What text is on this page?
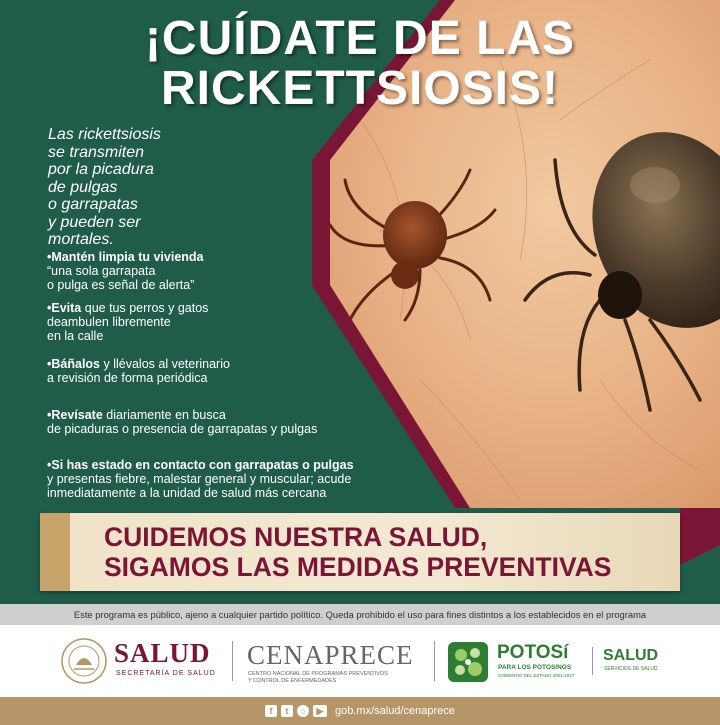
¡CUÍDATE DE LAS
RICKETTSIOSIS!
Las rickettsiosis
se transmiten
por la picadura
de pulgas
o garrapatas
y pueden ser
mortales.
•Mantén limpia tu vivienda
“una sola garrapata
o pulga es señal de alerta”
•Evita que tus perros y gatos
deambulen libremente
en la calle
•Báñalos y llévalos al veterinario
a revisión de forma periódica
•Revísate diariamente en busca
de picaduras o presencia de garrapatas y pulgas
•Si has estado en contacto con garrapatas o pulgas
y presentas fiebre, malestar general y muscular; acude
inmediatamente a la unidad de salud más cercana
CUIDEMOS NUESTRA SALUD,
SIGAMOS LAS MEDIDAS PREVENTIVAS
Este programa es público, ajeno a cualquier partido político. Queda prohibido el uso para fines distintos a los establecidos en el programa
SALUD
SECRETARÍA DE SALUD
CENAPRECE
CENTRO NACIONAL DE PROGRAMAS PREVENTIVOS
Y CONTROL DE ENFERMEDADES
POTOSí
PARA LOS POTOSINOS
GOBIERNO DEL ESTADO 2021-2027
SALUD
SERVICIOS DE SALUD
f	t	○	▶	gob.mx/salud/cenaprece
